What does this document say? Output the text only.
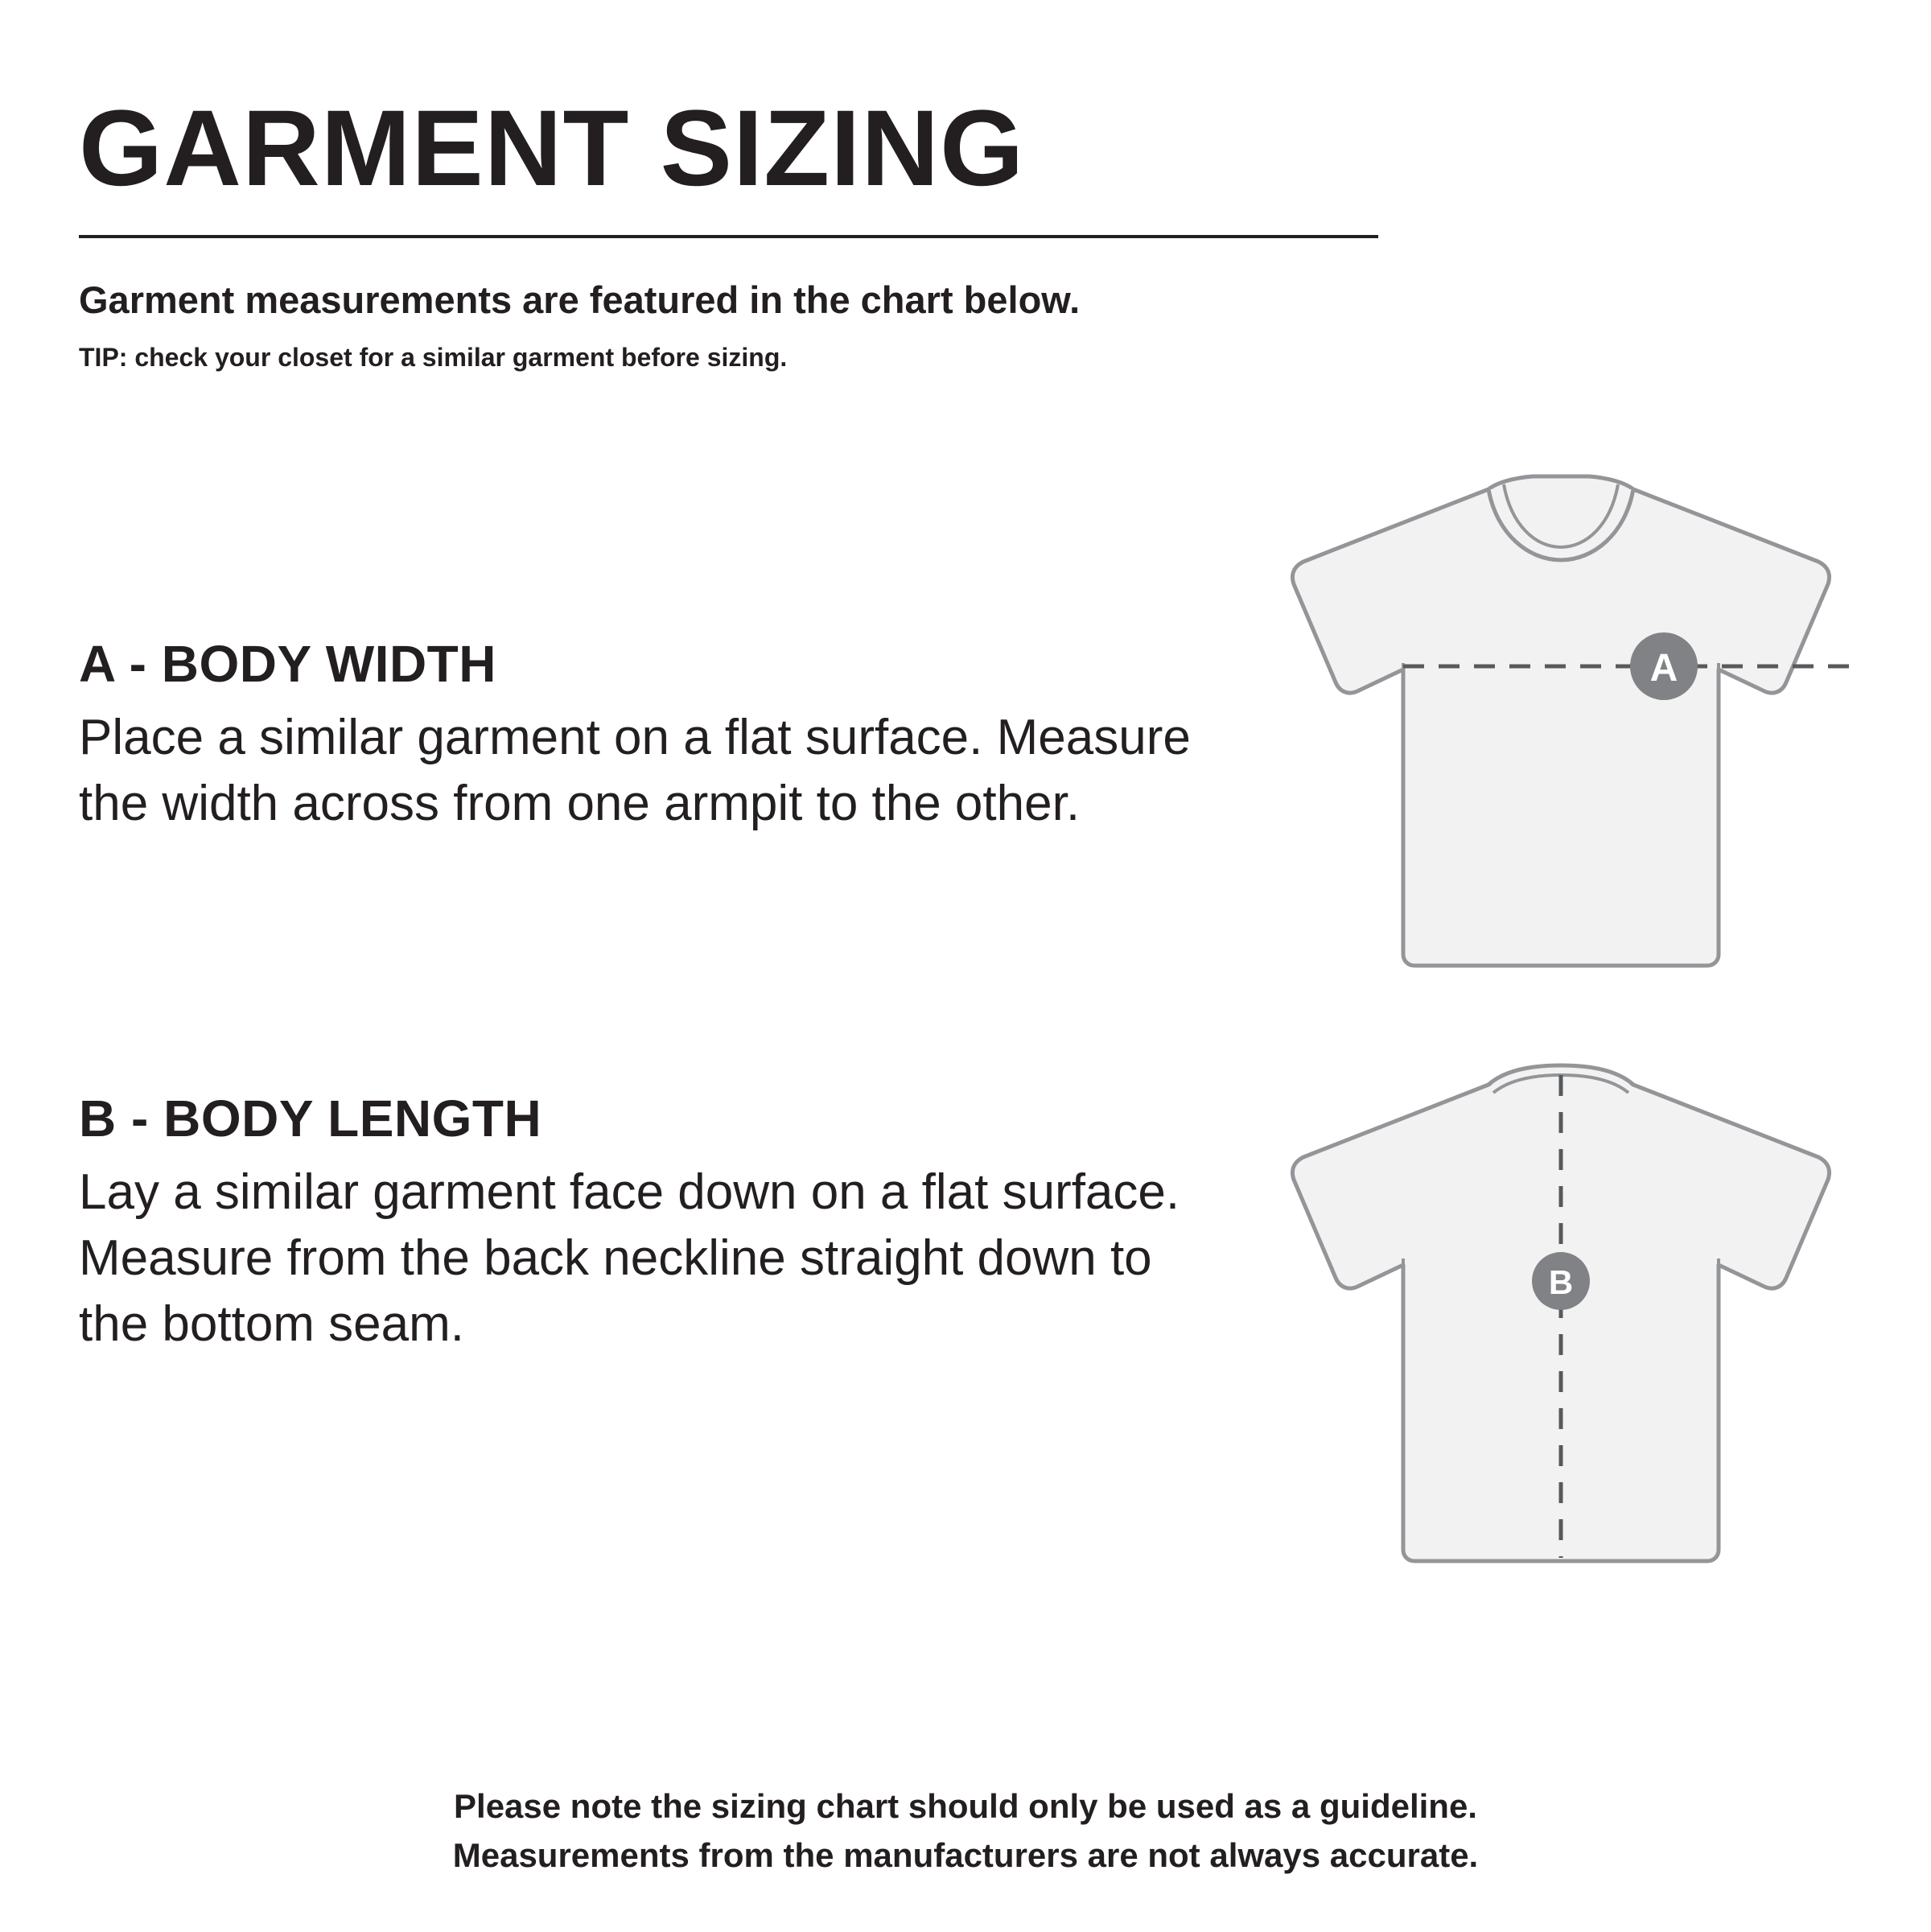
GARMENT SIZING
Garment measurements are featured in the chart below.
TIP: check your closet for a similar garment before sizing.
A - BODY WIDTH

Place a similar garment on a flat surface. Measure the width across from one armpit to the other.

B - BODY LENGTH

Lay a similar garment face down on a flat surface. Measure from the back neckline straight down to the bottom seam.

A
B
Please note the sizing chart should only be used as a guideline.
Measurements from the manufacturers are not always accurate.
